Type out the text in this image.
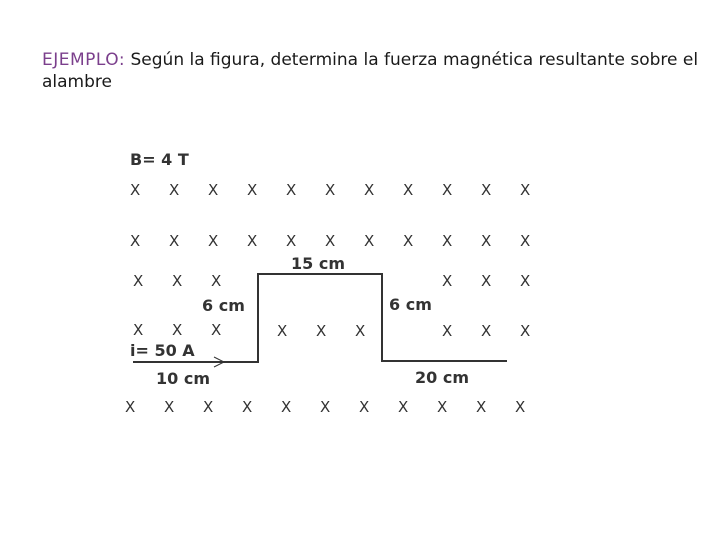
EJEMPLO: Según la figura, determina la fuerza magnética resultante sobre el alambre
B= 4 T
15 cm
6 cm	6 cm
i= 50 A
10 cm	20 cm
X X X X X X X X X X X
X X X X X X X X X X X
X X X	X X X
X X X	X X X	X X X
X X X X X X X X X X X
